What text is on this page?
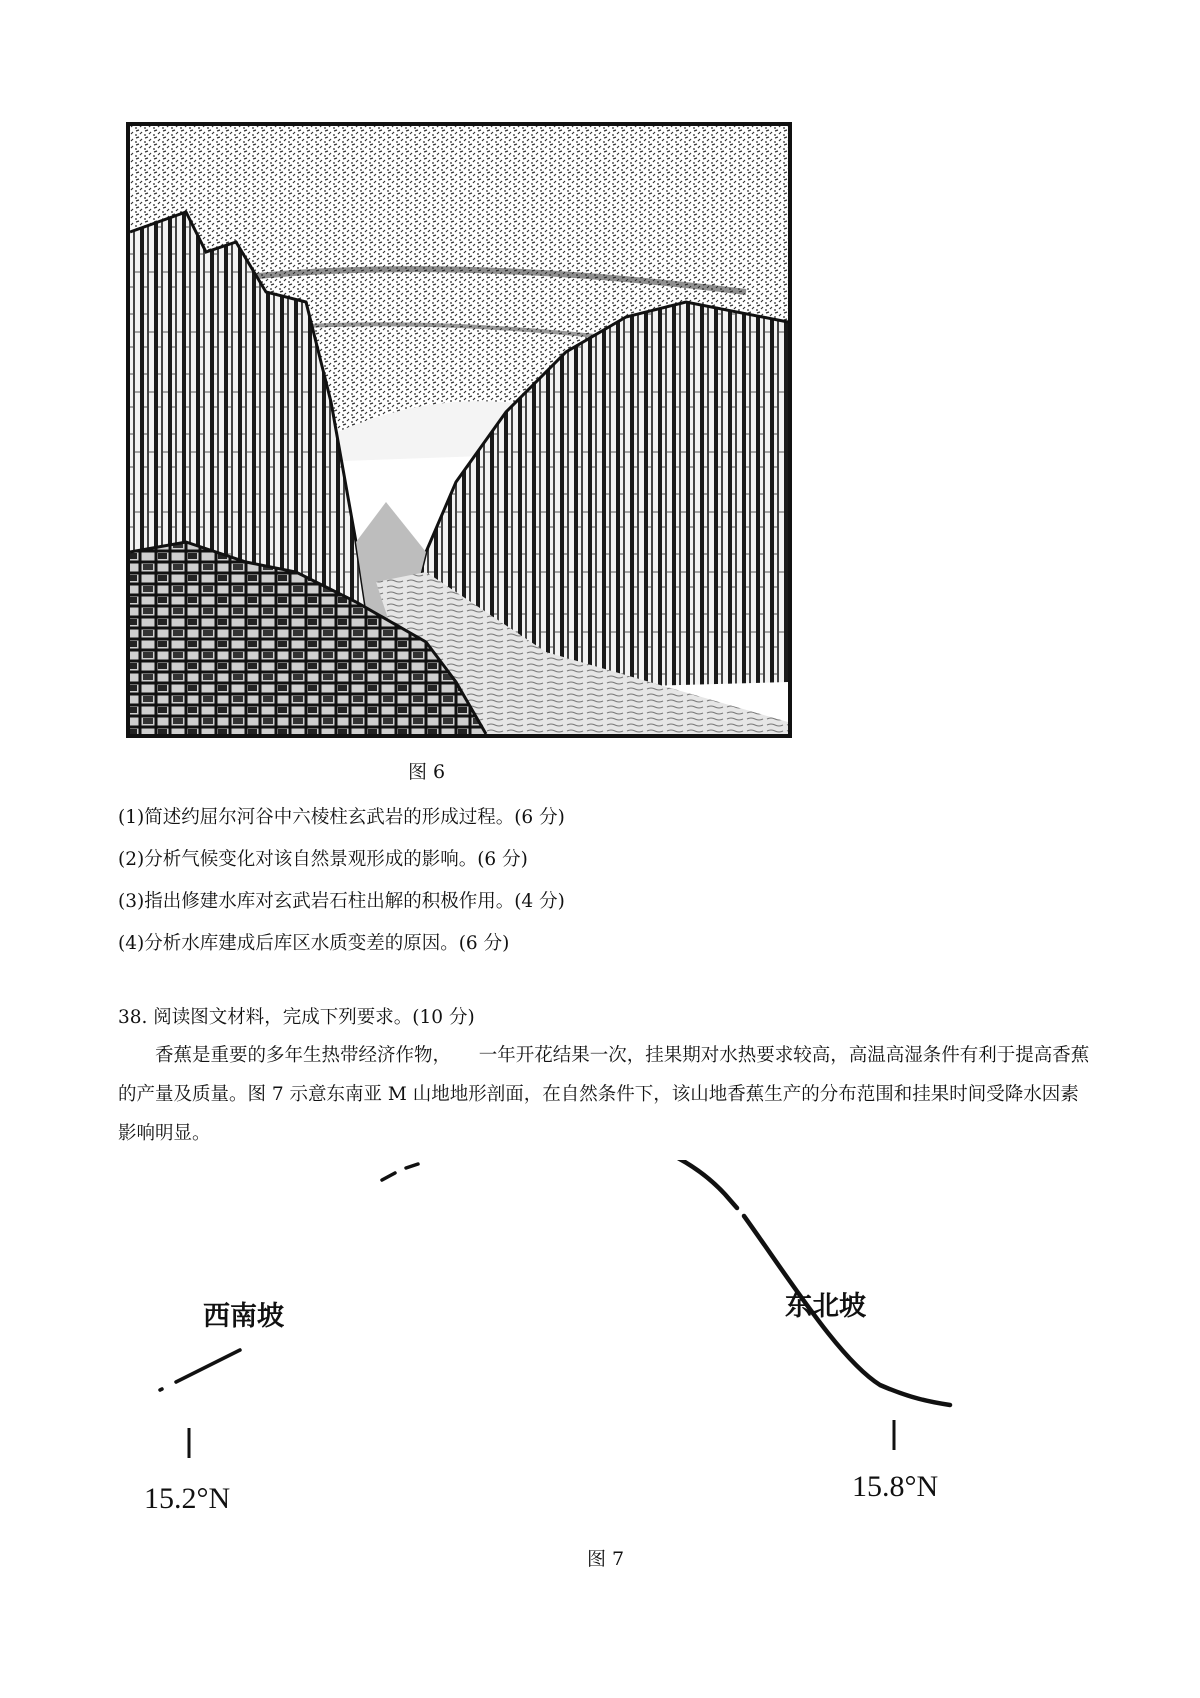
图 6
(1)简述约屈尔河谷中六棱柱玄武岩的形成过程。(6 分)
(2)分析气候变化对该自然景观形成的影响。(6 分)
(3)指出修建水库对玄武岩石柱出解的积极作用。(4 分)
(4)分析水库建成后库区水质变差的原因。(6 分)
38. 阅读图文材料，完成下列要求。(10 分)

香蕉是重要的多年生热带经济作物，　　一年开花结果一次，挂果期对水热要求较高，高温高湿条件有利于提高香蕉的产量及质量。图 7 示意东南亚 M 山地地形剖面，在自然条件下，该山地香蕉生产的分布范围和挂果时间受降水因素影响明显。

西南坡	东北坡
15.2°N	15.8°N
图 7
